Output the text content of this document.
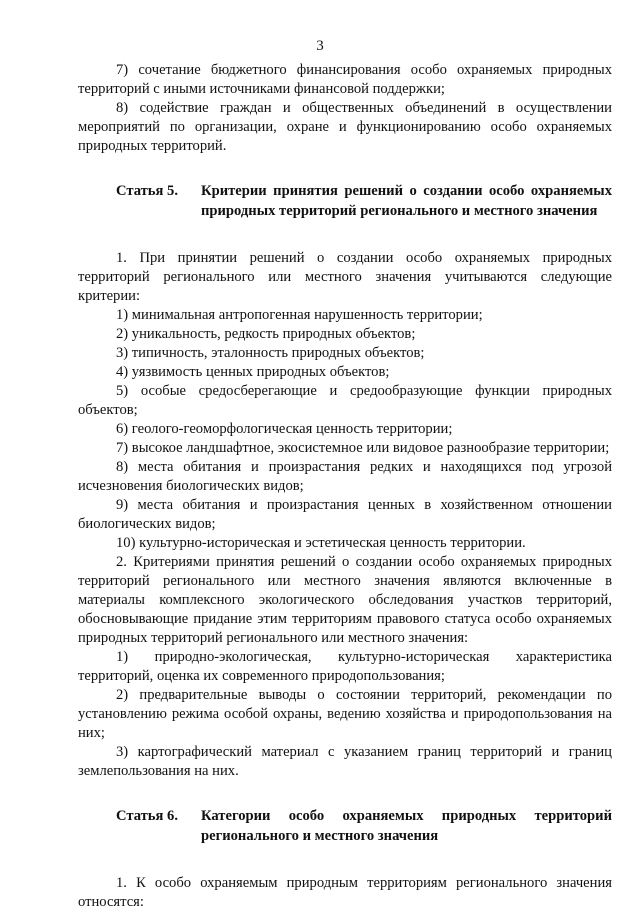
3

7) сочетание бюджетного финансирования особо охраняемых природных территорий с иными источниками финансовой поддержки;

8) содействие граждан и общественных объединений в осуществлении мероприятий по организации, охране и функционированию особо охраняемых природных территорий.

Статья 5. Критерии принятия решений о создании особо охраняемых природных территорий регионального и местного значения

1. При принятии решений о создании особо охраняемых природных территорий регионального или местного значения учитываются следующие критерии:

1) минимальная антропогенная нарушенность территории;

2) уникальность, редкость природных объектов;

3) типичность, эталонность природных объектов;

4) уязвимость ценных природных объектов;

5) особые средосберегающие и средообразующие функции природных объектов;

6) геолого-геоморфологическая ценность территории;

7) высокое ландшафтное, экосистемное или видовое разнообразие территории;

8) места обитания и произрастания редких и находящихся под угрозой исчезновения биологических видов;

9) места обитания и произрастания ценных в хозяйственном отношении биологических видов;

10) культурно-историческая и эстетическая ценность территории.

2. Критериями принятия решений о создании особо охраняемых природных территорий регионального или местного значения являются включенные в материалы комплексного экологического обследования участков территорий, обосновывающие придание этим территориям правового статуса особо охраняемых природных территорий регионального или местного значения:

1) природно-экологическая, культурно-историческая характеристика территорий, оценка их современного природопользования;

2) предварительные выводы о состоянии территорий, рекомендации по установлению режима особой охраны, ведению хозяйства и природопользования на них;

3) картографический материал с указанием границ территорий и границ землепользования на них.

Статья 6. Категории особо охраняемых природных территорий регионального и местного значения

1. К особо охраняемым природным территориям регионального значения относятся:
